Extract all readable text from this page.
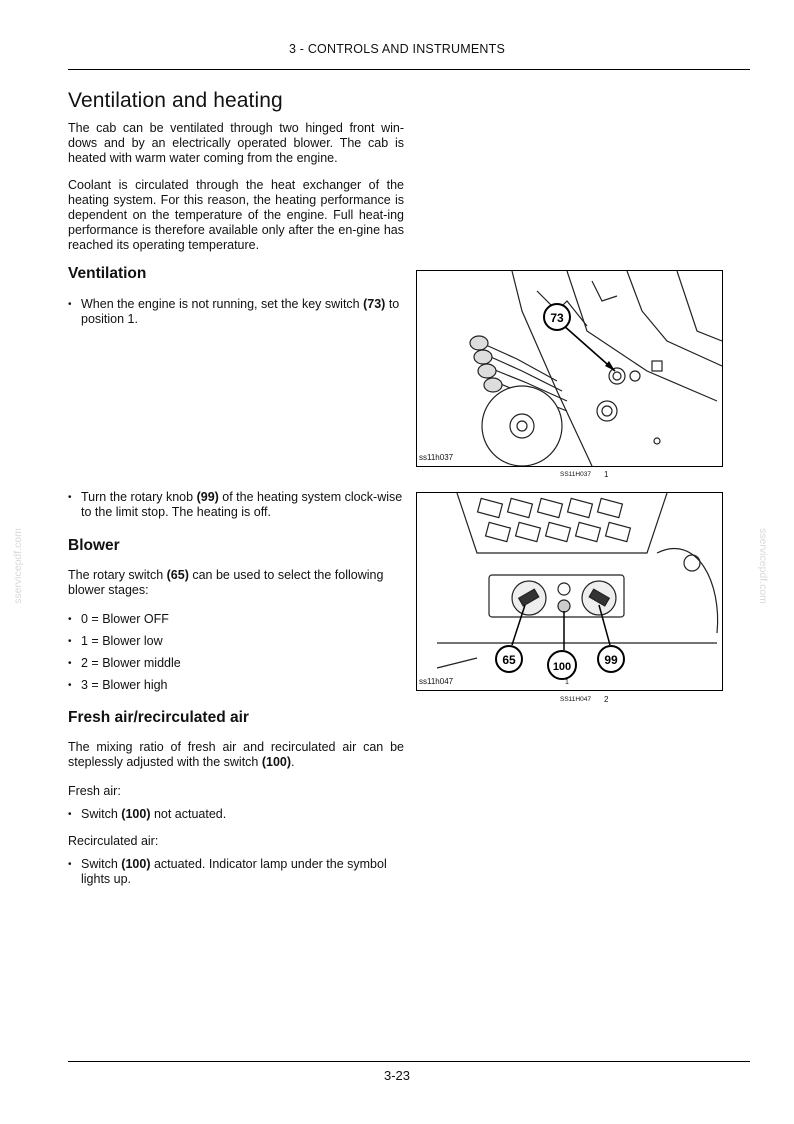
3 - CONTROLS AND INSTRUMENTS
sservicepdf.com	sservicepdf.com
Ventilation and heating

The cab can be ventilated through two hinged front win-dows and by an electrically operated blower. The cab is heated with warm water coming from the engine.

Coolant is circulated through the heat exchanger of the heating system. For this reason, the heating performance is dependent on the temperature of the engine. Full heat-ing performance is therefore available only after the en-gine has reached its operating temperature.

Ventilation
• When the engine is not running, set the key switch (73) to position 1.
• Turn the rotary knob (99) of the heating system clock-wise to the limit stop. The heating is off.
Blower

The rotary switch (65) can be used to select the following blower stages:

• 0 = Blower OFF
• 1 = Blower low
• 2 = Blower middle
• 3 = Blower high
Fresh air/recirculated air

The mixing ratio of fresh air and recirculated air can be steplessly adjusted with the switch (100).

Fresh air:

• Switch (100) not actuated.

Recirculated air:

• Switch (100) actuated. Indicator lamp under the symbol lights up.
73
ss11h037
SS11H037 1
65	100	99
ss11h047	1
SS11H047 2
3-23
